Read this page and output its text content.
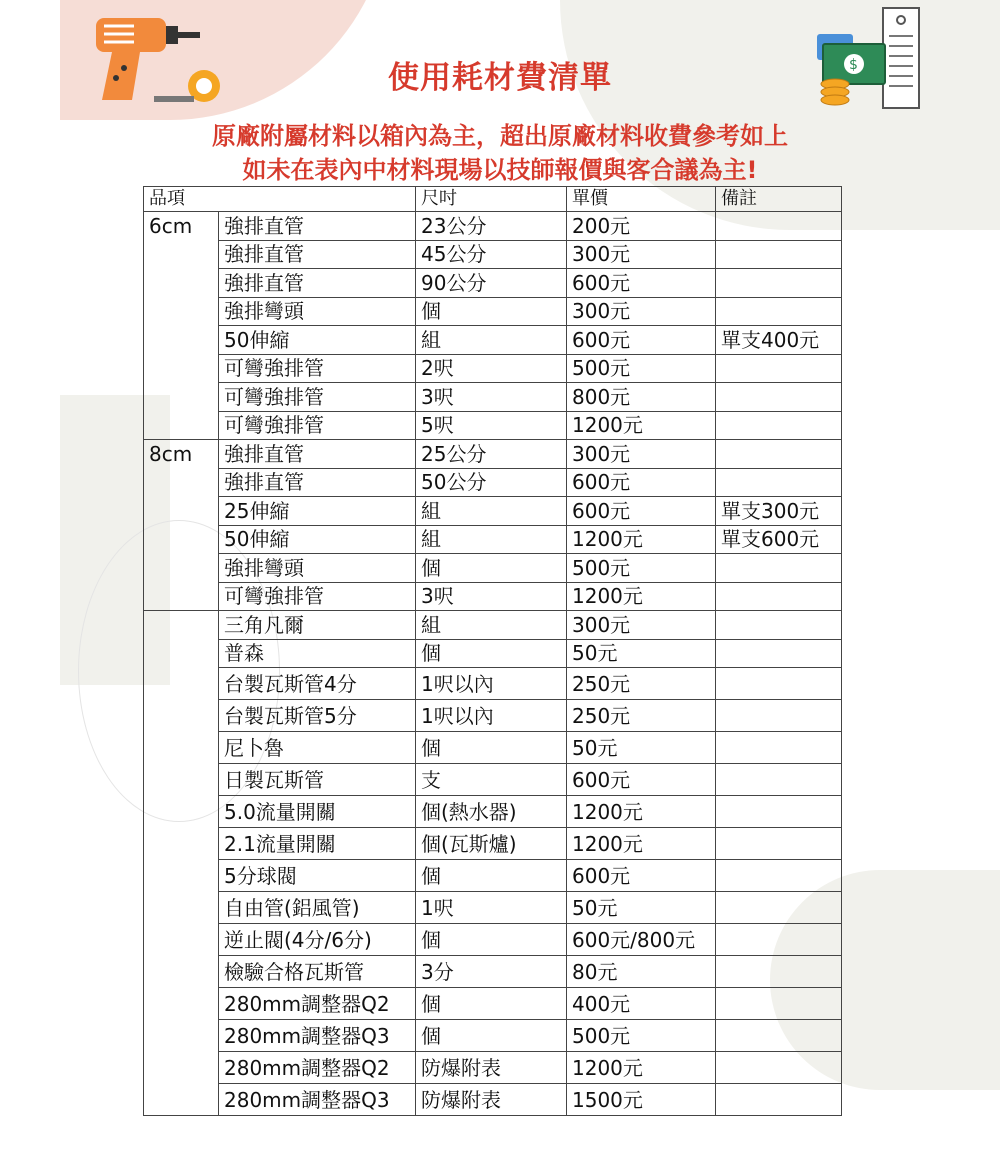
$
使用耗材費清單
原廠附屬材料以箱內為主，超出原廠材料收費參考如上
如未在表內中材料現場以技師報價與客合議為主!
品項		尺吋	單價	備註
6cm	強排直管	23公分	200元	
	強排直管	45公分	300元	
	強排直管	90公分	600元	
	強排彎頭	個	300元	
	50伸縮	組	600元	單支400元
	可彎強排管	2呎	500元	
	可彎強排管	3呎	800元	
	可彎強排管	5呎	1200元	
8cm	強排直管	25公分	300元	
	強排直管	50公分	600元	
	25伸縮	組	600元	單支300元
	50伸縮	組	1200元	單支600元
	強排彎頭	個	500元	
	可彎強排管	3呎	1200元	
	三角凡爾	組	300元	
	普森	個	50元	
	台製瓦斯管4分	1呎以內	250元	
	台製瓦斯管5分	1呎以內	250元	
	尼卜魯	個	50元	
	日製瓦斯管	支	600元	
	5.0流量開關	個(熱水器)	1200元	
	2.1流量開關	個(瓦斯爐)	1200元	
	5分球閥	個	600元	
	自由管(鋁風管)	1呎	50元	
	逆止閥(4分/6分)	個	600元/800元	
	檢驗合格瓦斯管	3分	80元	
	280mm調整器Q2	個	400元	
	280mm調整器Q3	個	500元	
	280mm調整器Q2	防爆附表	1200元	
	280mm調整器Q3	防爆附表	1500元	
